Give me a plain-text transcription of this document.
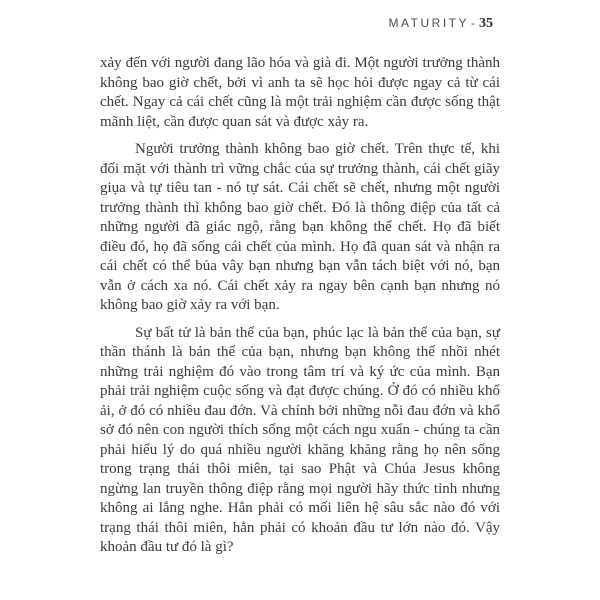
MATURITY - 35

xảy đến với người đang lão hóa và già đi. Một người trưởng thành không bao giờ chết, bởi vì anh ta sẽ học hỏi được ngay cả từ cái chết. Ngay cả cái chết cũng là một trải nghiệm cần được sống thật mãnh liệt, cần được quan sát và được xảy ra.

Người trưởng thành không bao giờ chết. Trên thực tế, khi đối mặt với thành trì vững chắc của sự trưởng thành, cái chết giãy giụa và tự tiêu tan - nó tự sát. Cái chết sẽ chết, nhưng một người trưởng thành thì không bao giờ chết. Đó là thông điệp của tất cả những người đã giác ngộ, rằng bạn không thể chết. Họ đã biết điều đó, họ đã sống cái chết của mình. Họ đã quan sát và nhận ra cái chết có thể bủa vây bạn nhưng bạn vẫn tách biệt với nó, bạn vẫn ở cách xa nó. Cái chết xảy ra ngay bên cạnh bạn nhưng nó không bao giờ xảy ra với bạn.

Sự bất tử là bản thể của bạn, phúc lạc là bản thể của bạn, sự thần thánh là bản thể của bạn, nhưng bạn không thể nhồi nhét những trải nghiệm đó vào trong tâm trí và ký ức của mình. Bạn phải trải nghiệm cuộc sống và đạt được chúng. Ở đó có nhiều khổ ải, ở đó có nhiều đau đớn. Và chính bởi những nỗi đau đớn và khổ sở đó nên con người thích sống một cách ngu xuẩn - chúng ta cần phải hiểu lý do quá nhiều người khăng khăng rằng họ nên sống trong trạng thái thôi miên, tại sao Phật và Chúa Jesus không ngừng lan truyền thông điệp rằng mọi người hãy thức tỉnh nhưng không ai lắng nghe. Hẳn phải có mối liên hệ sâu sắc nào đó với trạng thái thôi miên, hẳn phải có khoản đầu tư lớn nào đó. Vậy khoản đầu tư đó là gì?
